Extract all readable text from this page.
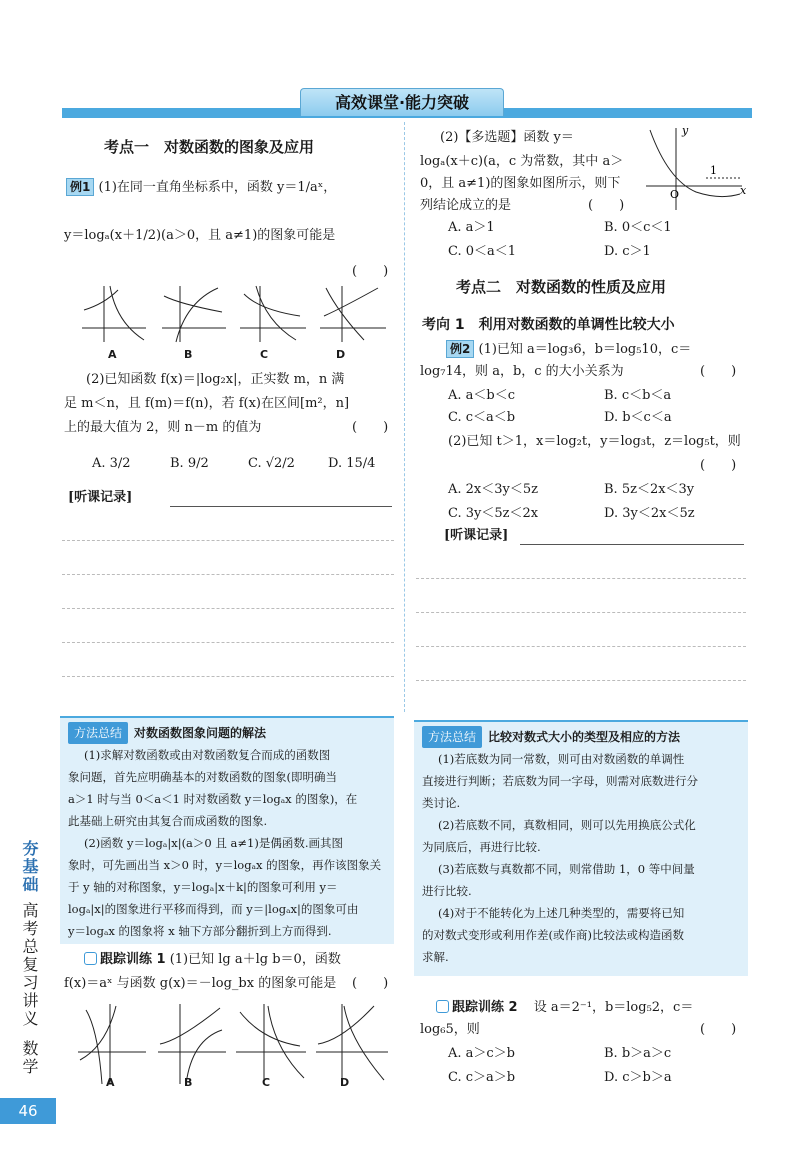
高效课堂·能力突破
考点一　对数函数的图象及应用
例1 (1)在同一直角坐标系中，函数 y＝1/aˣ，
y＝logₐ(x＋1/2)(a＞0，且 a≠1)的图象可能是
(　　)
A	B	C	D
(2)已知函数 f(x)＝|log₂x|，正实数 m，n 满
足 m＜n，且 f(m)＝f(n)，若 f(x)在区间[m²，n]
上的最大值为 2，则 n－m 的值为	(　　)
A. 3/2	B. 9/2	C. √2/2	D. 15/4
[听课记录]
方法总结 对数函数图象问题的解法
(1)求解对数函数或由对数函数复合而成的函数图
象问题，首先应明确基本的对数函数的图象(即明确当
a＞1 时与当 0＜a＜1 时对数函数 y＝logₐx 的图象)，在
此基础上研究由其复合而成函数的图象.
(2)函数 y＝logₐ|x|(a＞0 且 a≠1)是偶函数.画其图
象时，可先画出当 x＞0 时，y＝logₐx 的图象，再作该图象关
于 y 轴的对称图象，y＝logₐ|x＋k|的图象可利用 y＝
logₐ|x|的图象进行平移而得到，而 y＝|logₐx|的图象可由
y＝logₐx 的图象将 x 轴下方部分翻折到上方而得到.
跟踪训练 1 (1)已知 lg a＋lg b＝0，函数
f(x)＝aˣ 与函数 g(x)＝－log_bx 的图象可能是 (　　)
A	B	C	D
(2)【多选题】函数 y＝
logₐ(x＋c)(a，c 为常数，其中 a＞
0，且 a≠1)的图象如图所示，则下
列结论成立的是	(　　)
O
1
x
y
A. a＞1	B. 0＜c＜1
C. 0＜a＜1	D. c＞1
考点二　对数函数的性质及应用
考向 1　利用对数函数的单调性比较大小
例2 (1)已知 a＝log₃6，b＝log₅10，c＝
log₇14，则 a，b，c 的大小关系为	(　　)
A. a＜b＜c	B. c＜b＜a
C. c＜a＜b	D. b＜c＜a
(2)已知 t＞1，x＝log₂t，y＝log₃t，z＝log₅t，则
(　　)
A. 2x＜3y＜5z	B. 5z＜2x＜3y
C. 3y＜5z＜2x	D. 3y＜2x＜5z
[听课记录]
方法总结 比较对数式大小的类型及相应的方法
(1)若底数为同一常数，则可由对数函数的单调性
直接进行判断；若底数为同一字母，则需对底数进行分
类讨论.
(2)若底数不同，真数相同，则可以先用换底公式化
为同底后，再进行比较.
(3)若底数与真数都不同，则常借助 1，0 等中间量
进行比较.
(4)对于不能转化为上述几种类型的，需要将已知
的对数式变形或利用作差(或作商)比较法或构造函数
求解.
跟踪训练 2 设 a＝2⁻¹，b＝log₅2，c＝
log₆5，则	(　　)
A. a＞c＞b	B. b＞a＞c
C. c＞a＞b	D. c＞b＞a
夯基础
高考总复习讲义
数学
46
